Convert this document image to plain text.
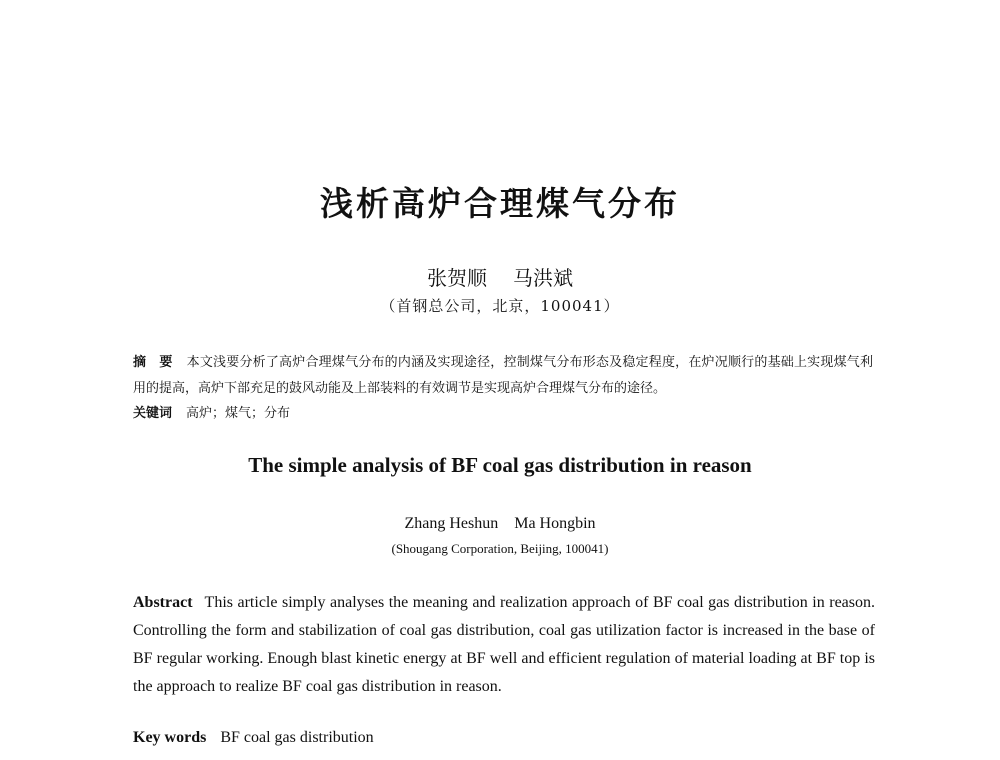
浅析高炉合理煤气分布
张贺顺 马洪斌
（首钢总公司，北京，100041）

摘　要 本文浅要分析了高炉合理煤气分布的内涵及实现途径，控制煤气分布形态及稳定程度，在炉况顺行的基础上实现煤气利用的提高，高炉下部充足的鼓风动能及上部装料的有效调节是实现高炉合理煤气分布的途径。

关键词 高炉；煤气；分布
The simple analysis of BF coal gas distribution in reason
Zhang Heshun Ma Hongbin
(Shougang Corporation, Beijing, 100041)

Abstract This article simply analyses the meaning and realization approach of BF coal gas distribution in reason. Controlling the form and stabilization of coal gas distribution, coal gas utilization factor is increased in the base of BF regular working. Enough blast kinetic energy at BF well and efficient regulation of material loading at BF top is the approach to realize BF coal gas distribution in reason.

Key words BF coal gas distribution
